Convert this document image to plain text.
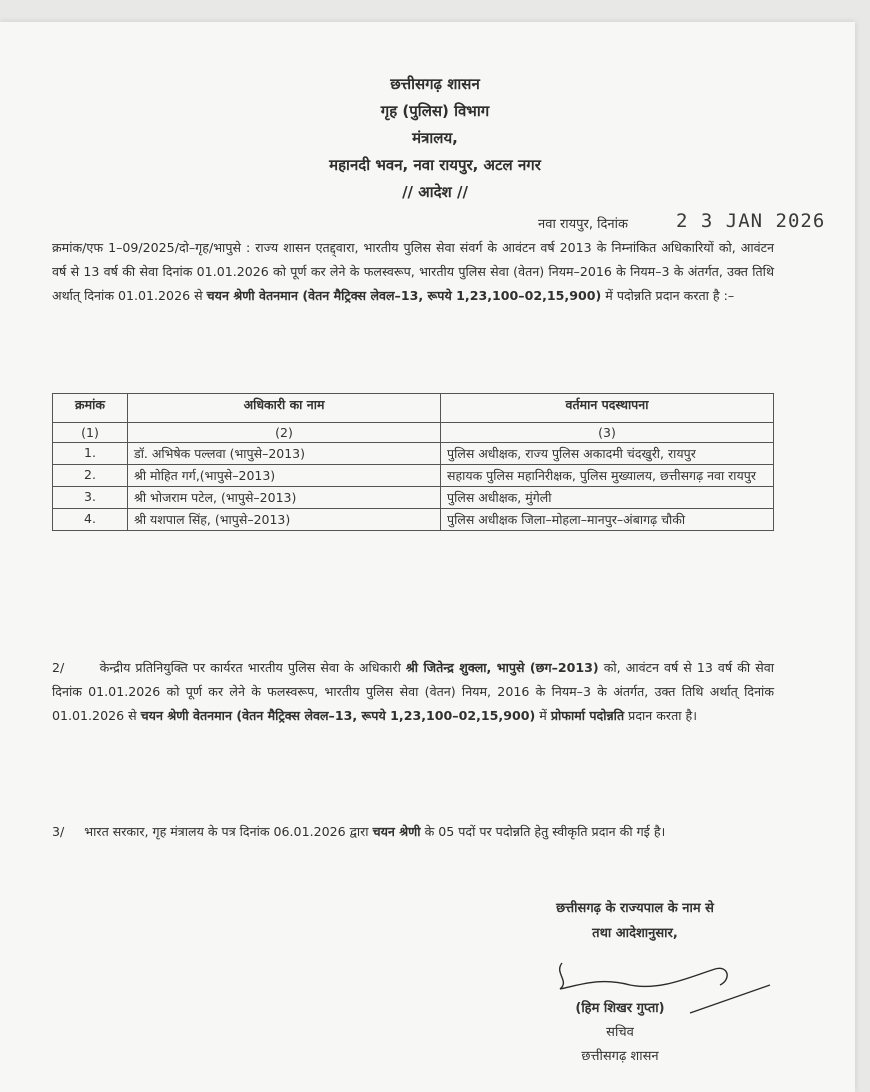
छत्तीसगढ़ शासन
गृह (पुलिस) विभाग
मंत्रालय,
महानदी भवन, नवा रायपुर, अटल नगर
// आदेश //
नवा रायपुर, दिनांक	2 3 JAN 2026
क्रमांक/एफ 1–09/2025/दो–गृह/भापुसे : राज्य शासन एतद्द्वारा, भारतीय पुलिस सेवा संवर्ग के आवंटन वर्ष 2013 के निम्नांकित अधिकारियों को, आवंटन वर्ष से 13 वर्ष की सेवा दिनांक 01.01.2026 को पूर्ण कर लेने के फलस्वरूप, भारतीय पुलिस सेवा (वेतन) नियम–2016 के नियम–3 के अंतर्गत, उक्त तिथि अर्थात् दिनांक 01.01.2026 से चयन श्रेणी वेतनमान (वेतन मैट्रिक्स लेवल–13, रूपये 1,23,100–02,15,900) में पदोन्नति प्रदान करता है :–
क्रमांक	अधिकारी का नाम	वर्तमान पदस्थापना
(1)	(2)	(3)
1.	डॉ. अभिषेक पल्लवा (भापुसे–2013)	पुलिस अधीक्षक, राज्य पुलिस अकादमी चंदखुरी, रायपुर
2.	श्री मोहित गर्ग,(भापुसे–2013)	सहायक पुलिस महानिरीक्षक, पुलिस मुख्यालय, छत्तीसगढ़ नवा रायपुर
3.	श्री भोजराम पटेल, (भापुसे–2013)	पुलिस अधीक्षक, मुंगेली
4.	श्री यशपाल सिंह, (भापुसे–2013)	पुलिस अधीक्षक जिला–मोहला–मानपुर–अंबागढ़ चौकी
2/	केन्द्रीय प्रतिनियुक्ति पर कार्यरत भारतीय पुलिस सेवा के अधिकारी श्री जितेन्द्र शुक्ला, भापुसे (छग–2013) को, आवंटन वर्ष से 13 वर्ष की सेवा दिनांक 01.01.2026 को पूर्ण कर लेने के फलस्वरूप, भारतीय पुलिस सेवा (वेतन) नियम, 2016 के नियम–3 के अंतर्गत, उक्त तिथि अर्थात् दिनांक 01.01.2026 से चयन श्रेणी वेतनमान (वेतन मैट्रिक्स लेवल–13, रूपये 1,23,100–02,15,900) में प्रोफार्मा पदोन्नति प्रदान करता है।
3/ भारत सरकार, गृह मंत्रालय के पत्र दिनांक 06.01.2026 द्वारा चयन श्रेणी के 05 पदों पर पदोन्नति हेतु स्वीकृति प्रदान की गई है।
छत्तीसगढ़ के राज्यपाल के नाम से
तथा आदेशानुसार,
(हिम शिखर गुप्ता)
सचिव
छत्तीसगढ़ शासन
